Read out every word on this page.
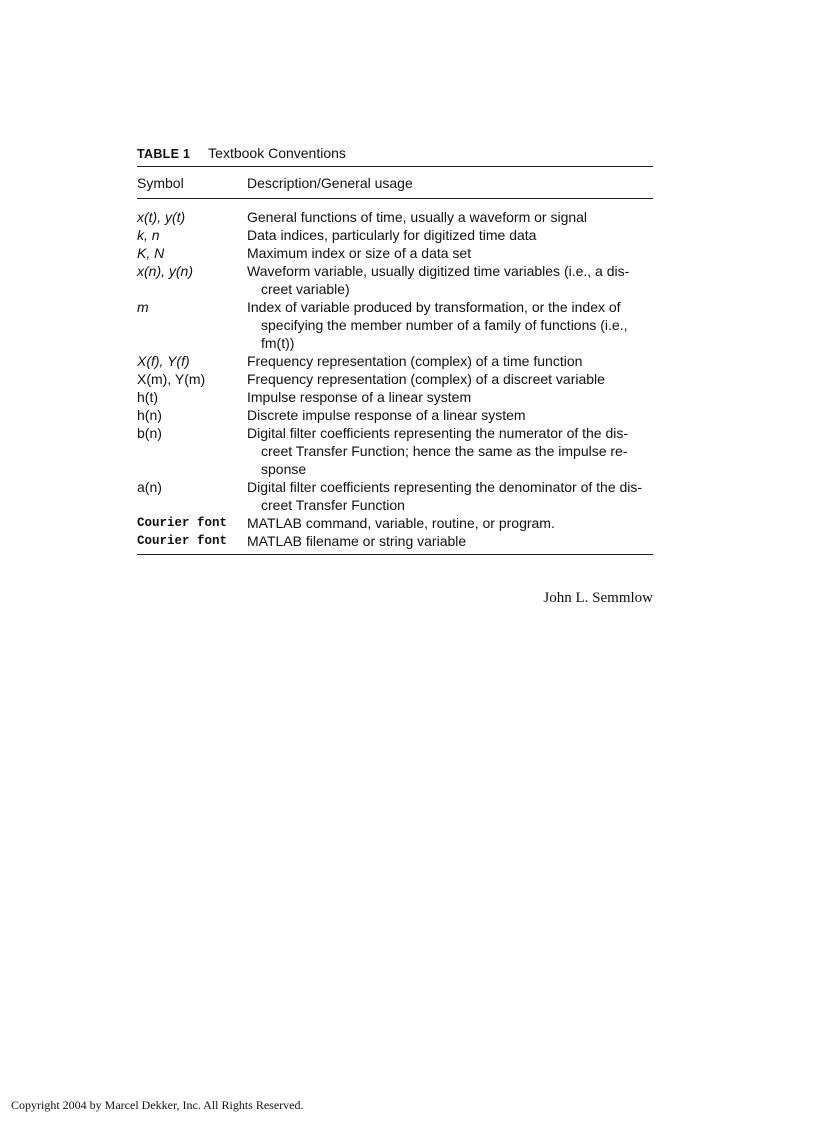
TABLE 1 Textbook Conventions
Symbol	Description/General usage
x(t), y(t)	General functions of time, usually a waveform or signal
k, n	Data indices, particularly for digitized time data
K, N	Maximum index or size of a data set
x(n), y(n)	Waveform variable, usually digitized time variables (i.e., a dis-creet variable)
m	Index of variable produced by transformation, or the index of specifying the member number of a family of functions (i.e., fm(t))
X(f), Y(f)	Frequency representation (complex) of a time function
X(m), Y(m)	Frequency representation (complex) of a discreet variable
h(t)	Impulse response of a linear system
h(n)	Discrete impulse response of a linear system
b(n)	Digital filter coefficients representing the numerator of the dis-creet Transfer Function; hence the same as the impulse re-sponse
a(n)	Digital filter coefficients representing the denominator of the dis-creet Transfer Function
Courier font	MATLAB command, variable, routine, or program.
Courier font	MATLAB filename or string variable
John L. Semmlow
Copyright 2004 by Marcel Dekker, Inc. All Rights Reserved.
